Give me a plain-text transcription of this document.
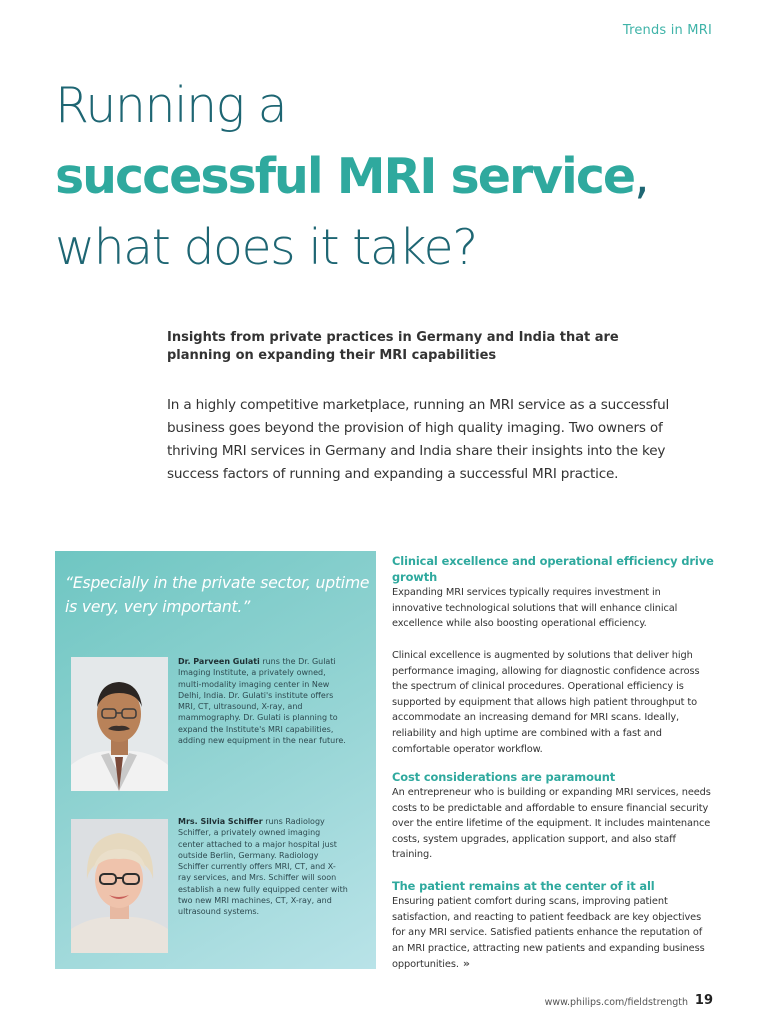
Trends in MRI
Running a
successful MRI service,
what does it take?
Insights from private practices in Germany and India that are planning on expanding their MRI capabilities
In a highly competitive marketplace, running an MRI service as a successful business goes beyond the provision of high quality imaging. Two owners of thriving MRI services in Germany and India share their insights into the key success factors of running and expanding a successful MRI practice.
“Especially in the private sector, uptime is very, very important.”
Dr. Parveen Gulati runs the Dr. Gulati Imaging Institute, a privately owned, multi-modality imaging center in New Delhi, India. Dr. Gulati's institute offers MRI, CT, ultrasound, X-ray, and mammography. Dr. Gulati is planning to expand the Institute's MRI capabilities, adding new equipment in the near future.
Mrs. Silvia Schiffer runs Radiology Schiffer, a privately owned imaging center attached to a major hospital just outside Berlin, Germany. Radiology Schiffer currently offers MRI, CT, and X-ray services, and Mrs. Schiffer will soon establish a new fully equipped center with two new MRI machines, CT, X-ray, and ultrasound systems.
Clinical excellence and operational efficiency drive growth

Expanding MRI services typically requires investment in innovative technological solutions that will enhance clinical excellence while also boosting operational efficiency.

Clinical excellence is augmented by solutions that deliver high performance imaging, allowing for diagnostic confidence across the spectrum of clinical procedures. Operational efficiency is supported by equipment that allows high patient throughput to accommodate an increasing demand for MRI scans. Ideally, reliability and high uptime are combined with a fast and comfortable operator workflow.

Cost considerations are paramount

An entrepreneur who is building or expanding MRI services, needs costs to be predictable and affordable to ensure financial security over the entire lifetime of the equipment. It includes maintenance costs, system upgrades, application support, and also staff training.

The patient remains at the center of it all

Ensuring patient comfort during scans, improving patient satisfaction, and reacting to patient feedback are key objectives for any MRI service. Satisfied patients enhance the reputation of an MRI practice, attracting new patients and expanding business opportunities. »

www.philips.com/fieldstrength 19
